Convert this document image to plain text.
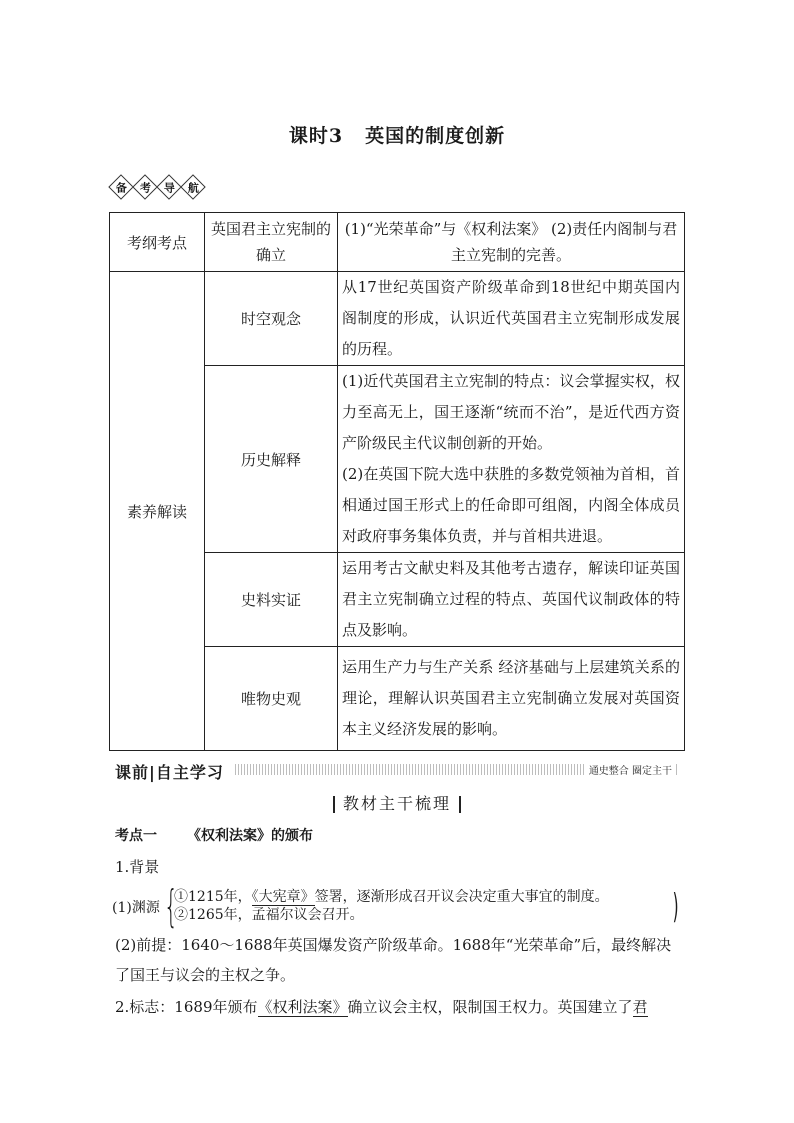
课时3 英国的制度创新
备 考 导 航
考纲考点	英国君主立宪制的确立	(1)“光荣革命”与《权利法案》 (2)责任内阁制与君主立宪制的完善。
素养解读	时空观念	从17世纪英国资产阶级革命到18世纪中期英国内阁制度的形成，认识近代英国君主立宪制形成发展的历程。
	历史解释	(1)近代英国君主立宪制的特点：议会掌握实权，权力至高无上，国王逐渐“统而不治”，是近代西方资产阶级民主代议制创新的开始。
(2)在英国下院大选中获胜的多数党领袖为首相，首相通过国王形式上的任命即可组阁，内阁全体成员对政府事务集体负责，并与首相共进退。

	史料实证	运用考古文献史料及其他考古遗存，解读印证英国君主立宪制确立过程的特点、英国代议制政体的特点及影响。
	唯物史观	运用生产力与生产关系 经济基础与上层建筑关系的理论，理解认识英国君主立宪制确立发展对英国资本主义经济发展的影响。
课前|自主学习	通史整合 圈定主干
教材主干梳理
考点一 《权利法案》的颁布
1.背景
(1)渊源 {
①1215年，《大宪章》签署，逐渐形成召开议会决定重大事宜的制度。
②1265年，孟福尔议会召开。	)
(2)前提：1640～1688年英国爆发资产阶级革命。1688年“光荣革命”后，最终解决了国王与议会的主权之争。
2.标志：1689年颁布《权利法案》确立议会主权，限制国王权力。英国建立了君
